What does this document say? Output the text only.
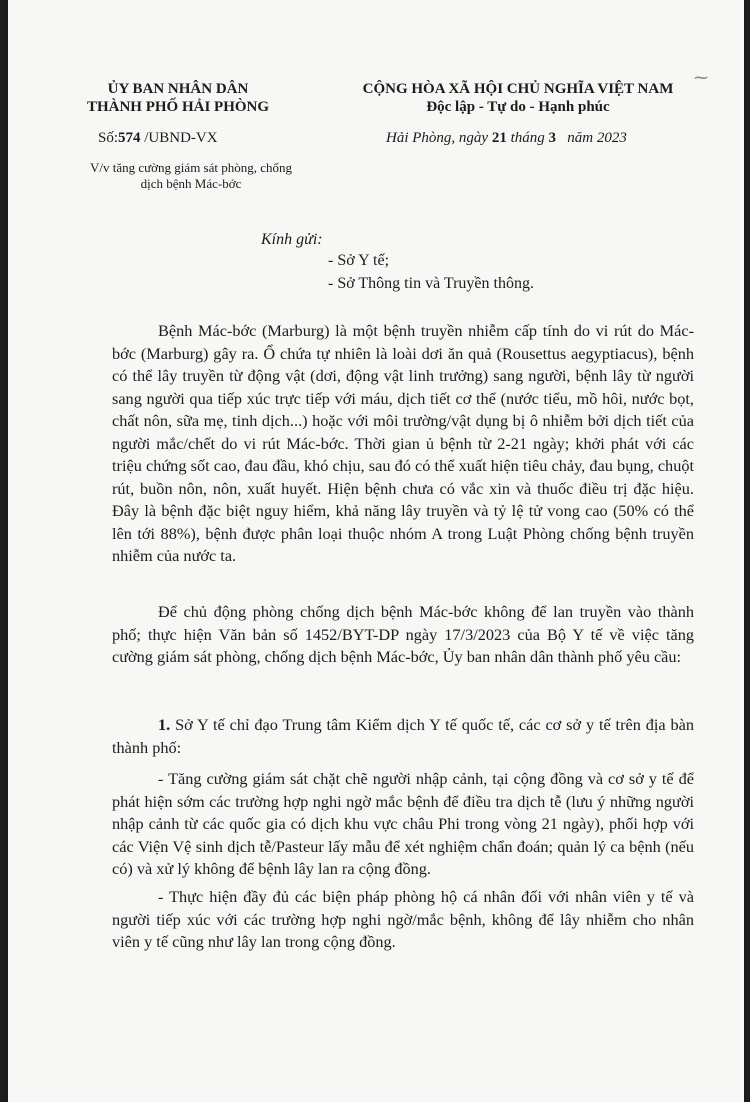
ỦY BAN NHÂN DÂN
THÀNH PHỐ HẢI PHÒNG
CỘNG HÒA XÃ HỘI CHỦ NGHĨA VIỆT NAM
Độc lập - Tự do - Hạnh phúc
⁓
Số:574 /UBND-VX	Hải Phòng, ngày 21 tháng 3 năm 2023
V/v tăng cường giám sát phòng, chống
dịch bệnh Mác-bớc
Kính gửi:
- Sở Y tế;
- Sở Thông tin và Truyền thông.

Bệnh Mác-bớc (Marburg) là một bệnh truyền nhiễm cấp tính do vi rút do Mác-bớc (Marburg) gây ra. Ổ chứa tự nhiên là loài dơi ăn quả (Rousettus aegyptiacus), bệnh có thể lây truyền từ động vật (dơi, động vật linh trưởng) sang người, bệnh lây từ người sang người qua tiếp xúc trực tiếp với máu, dịch tiết cơ thể (nước tiểu, mồ hôi, nước bọt, chất nôn, sữa mẹ, tinh dịch...) hoặc với môi trường/vật dụng bị ô nhiễm bởi dịch tiết của người mắc/chết do vi rút Mác-bớc. Thời gian ủ bệnh từ 2-21 ngày; khởi phát với các triệu chứng sốt cao, đau đầu, khó chịu, sau đó có thể xuất hiện tiêu chảy, đau bụng, chuột rút, buồn nôn, nôn, xuất huyết. Hiện bệnh chưa có vắc xin và thuốc điều trị đặc hiệu. Đây là bệnh đặc biệt nguy hiểm, khả năng lây truyền và tỷ lệ tử vong cao (50% có thể lên tới 88%), bệnh được phân loại thuộc nhóm A trong Luật Phòng chống bệnh truyền nhiễm của nước ta.

Để chủ động phòng chống dịch bệnh Mác-bớc không để lan truyền vào thành phố; thực hiện Văn bản số 1452/BYT-DP ngày 17/3/2023 của Bộ Y tế về việc tăng cường giám sát phòng, chống dịch bệnh Mác-bớc, Ủy ban nhân dân thành phố yêu cầu:

1. Sở Y tế chỉ đạo Trung tâm Kiểm dịch Y tế quốc tế, các cơ sở y tế trên địa bàn thành phố:

- Tăng cường giám sát chặt chẽ người nhập cảnh, tại cộng đồng và cơ sở y tế để phát hiện sớm các trường hợp nghi ngờ mắc bệnh để điều tra dịch tễ (lưu ý những người nhập cảnh từ các quốc gia có dịch khu vực châu Phi trong vòng 21 ngày), phối hợp với các Viện Vệ sinh dịch tễ/Pasteur lấy mẫu để xét nghiệm chẩn đoán; quản lý ca bệnh (nếu có) và xử lý không để bệnh lây lan ra cộng đồng.

- Thực hiện đầy đủ các biện pháp phòng hộ cá nhân đối với nhân viên y tế và người tiếp xúc với các trường hợp nghi ngờ/mắc bệnh, không để lây nhiễm cho nhân viên y tế cũng như lây lan trong cộng đồng.
